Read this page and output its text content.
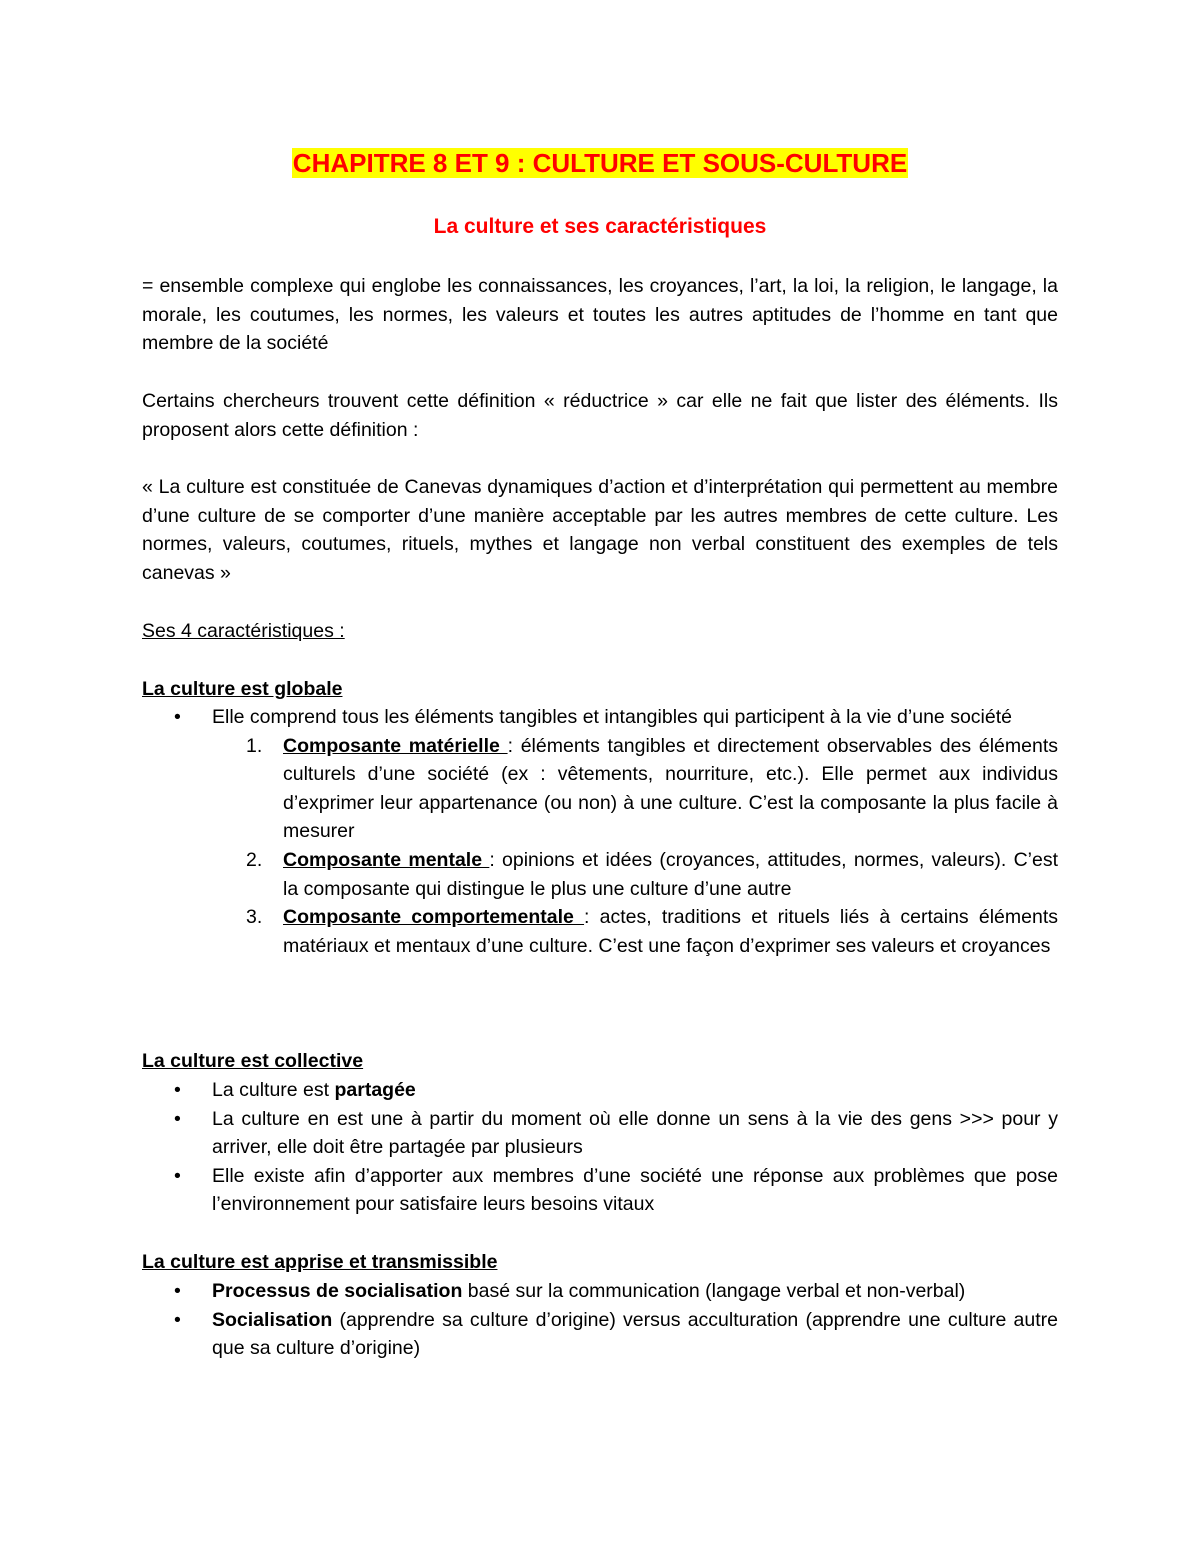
CHAPITRE 8 ET 9 : CULTURE ET SOUS-CULTURE
La culture et ses caractéristiques

= ensemble complexe qui englobe les connaissances, les croyances, l’art, la loi, la religion, le langage, la morale, les coutumes, les normes, les valeurs et toutes les autres aptitudes de l’homme en tant que membre de la société

Certains chercheurs trouvent cette définition « réductrice » car elle ne fait que lister des éléments. Ils proposent alors cette définition :

« La culture est constituée de Canevas dynamiques d’action et d’interprétation qui permettent au membre d’une culture de se comporter d’une manière acceptable par les autres membres de cette culture. Les normes, valeurs, coutumes, rituels, mythes et langage non verbal constituent des exemples de tels canevas »

Ses 4 caractéristiques :

La culture est globale

• Elle comprend tous les éléments tangibles et intangibles qui participent à la vie d’une société
1. Composante matérielle : éléments tangibles et directement observables des éléments culturels d’une société (ex : vêtements, nourriture, etc.). Elle permet aux individus d’exprimer leur appartenance (ou non) à une culture. C’est la composante la plus facile à mesurer
2. Composante mentale : opinions et idées (croyances, attitudes, normes, valeurs). C’est la composante qui distingue le plus une culture d’une autre
3. Composante comportementale : actes, traditions et rituels liés à certains éléments matériaux et mentaux d’une culture. C’est une façon d’exprimer ses valeurs et croyances

La culture est collective

• La culture est partagée
• La culture en est une à partir du moment où elle donne un sens à la vie des gens >>> pour y arriver, elle doit être partagée par plusieurs
• Elle existe afin d’apporter aux membres d’une société une réponse aux problèmes que pose l’environnement pour satisfaire leurs besoins vitaux

La culture est apprise et transmissible

• Processus de socialisation basé sur la communication (langage verbal et non-verbal)
• Socialisation (apprendre sa culture d’origine) versus acculturation (apprendre une culture autre que sa culture d’origine)
